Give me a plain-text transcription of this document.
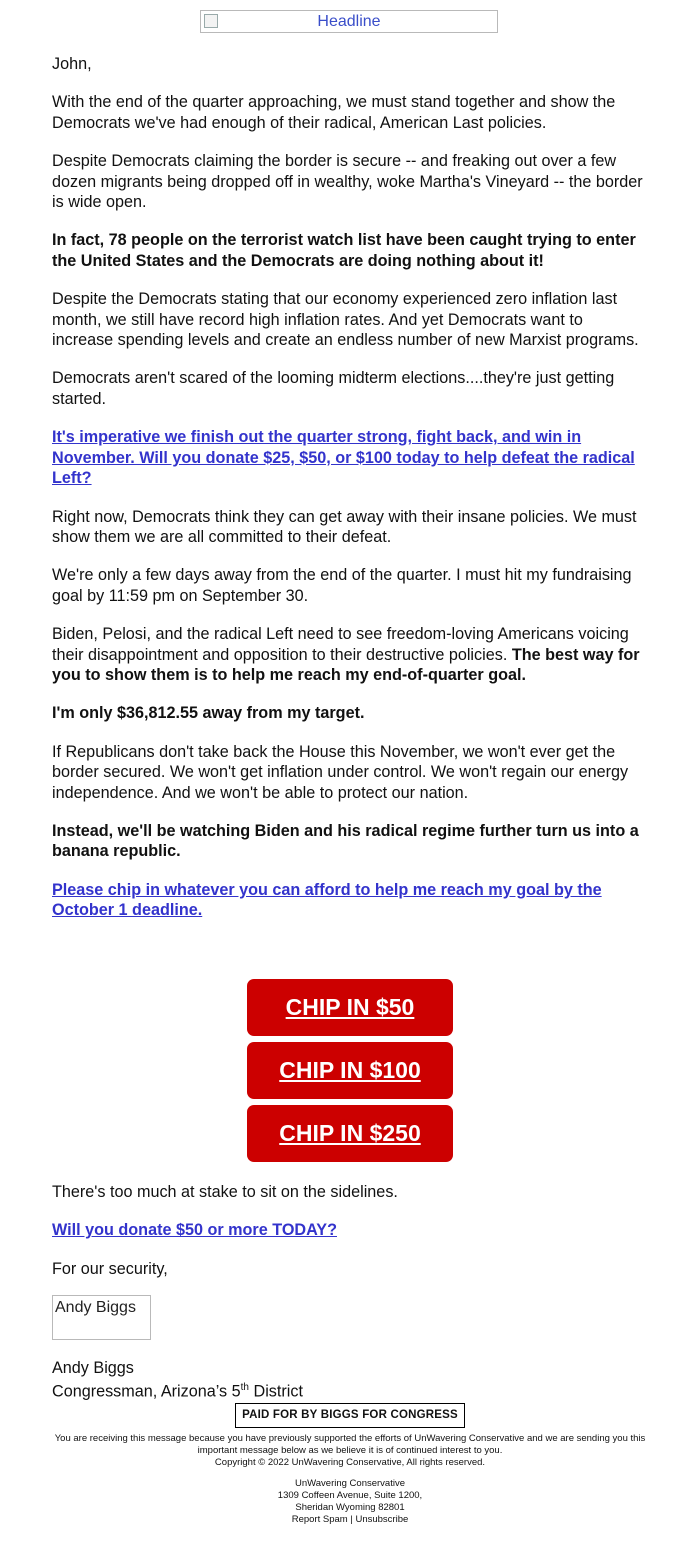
Headline

John,

With the end of the quarter approaching, we must stand together and show the Democrats we've had enough of their radical, American Last policies.

Despite Democrats claiming the border is secure -- and freaking out over a few dozen migrants being dropped off in wealthy, woke Martha's Vineyard -- the border is wide open.

In fact, 78 people on the terrorist watch list have been caught trying to enter the United States and the Democrats are doing nothing about it!

Despite the Democrats stating that our economy experienced zero inflation last month, we still have record high inflation rates. And yet Democrats want to increase spending levels and create an endless number of new Marxist programs.

Democrats aren't scared of the looming midterm elections....they're just getting started.

It's imperative we finish out the quarter strong, fight back, and win in November. Will you donate $25, $50, or $100 today to help defeat the radical Left?

Right now, Democrats think they can get away with their insane policies. We must show them we are all committed to their defeat.

We're only a few days away from the end of the quarter. I must hit my fundraising goal by 11:59 pm on September 30.

Biden, Pelosi, and the radical Left need to see freedom-loving Americans voicing their disappointment and opposition to their destructive policies. The best way for you to show them is to help me reach my end-of-quarter goal.

I'm only $36,812.55 away from my target.

If Republicans don't take back the House this November, we won't ever get the border secured. We won't get inflation under control. We won't regain our energy independence. And we won't be able to protect our nation.

Instead, we'll be watching Biden and his radical regime further turn us into a banana republic.

Please chip in whatever you can afford to help me reach my goal by the October 1 deadline.

CHIP IN $50
CHIP IN $100
CHIP IN $250

There's too much at stake to sit on the sidelines.

Will you donate $50 or more TODAY?

For our security,

Andy Biggs
Andy Biggs
Congressman, Arizona’s 5th District
PAID FOR BY BIGGS FOR CONGRESS
You are receiving this message because you have previously supported the efforts of UnWavering Conservative and we are sending you this important message below as we believe it is of continued interest to you.
Copyright © 2022 UnWavering Conservative, All rights reserved.
UnWavering Conservative
1309 Coffeen Avenue, Suite 1200,
Sheridan Wyoming 82801
Report Spam | Unsubscribe
